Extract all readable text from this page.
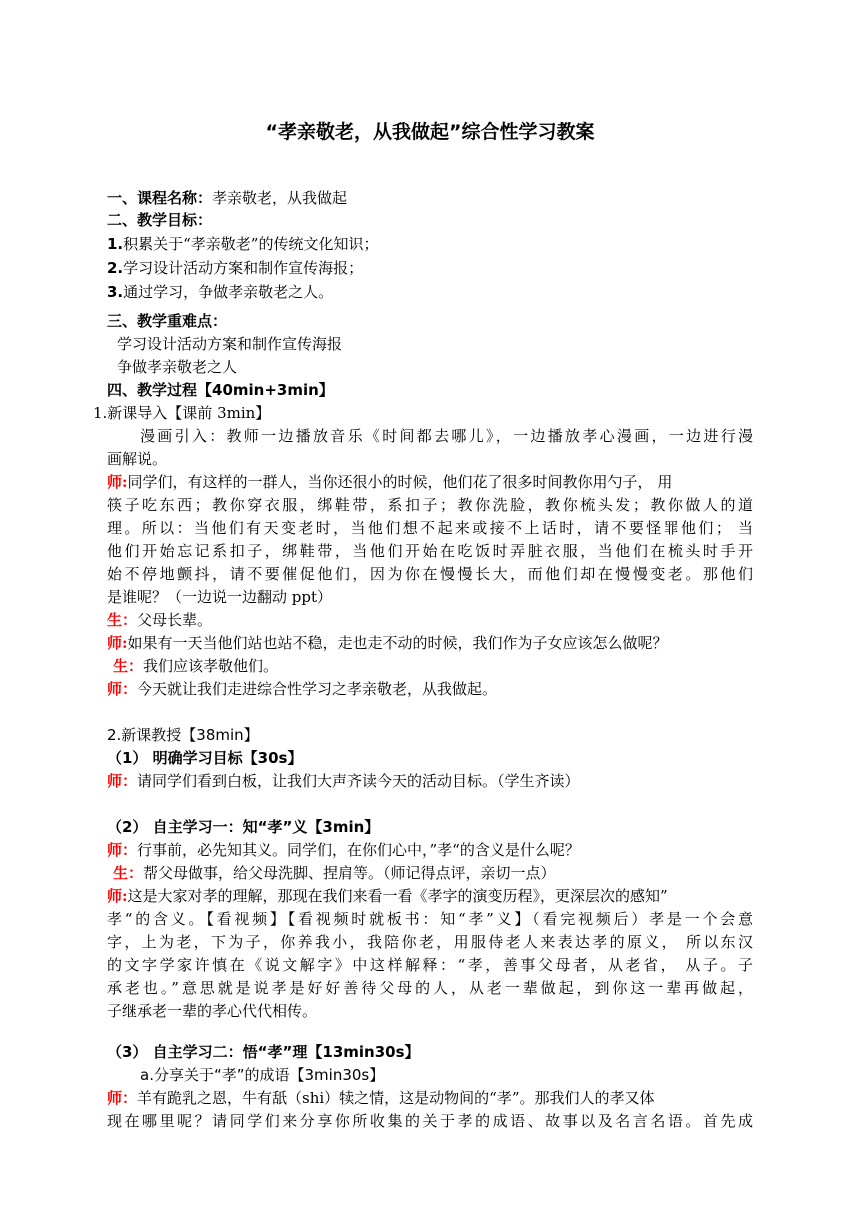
“孝亲敬老，从我做起”综合性学习教案
一、课程名称：孝亲敬老，从我做起
二、教学目标：
1.积累关于“孝亲敬老”的传统文化知识；
2.学习设计活动方案和制作宣传海报；
3.通过学习，争做孝亲敬老之人。
三、教学重难点：
学习设计活动方案和制作宣传海报
争做孝亲敬老之人
四、教学过程【40min+3min】
1.新课导入【课前 3min】
漫画引入：教师一边播放音乐《时间都去哪儿》，一边播放孝心漫画，一边进行漫
画解说。
师:同学们，有这样的一群人，当你还很小的时候，他们花了很多时间教你用勺子， 用
筷子吃东西；教你穿衣服，绑鞋带，系扣子；教你洗脸，教你梳头发；教你做人的道
理。所以：当他们有天变老时，当他们想不起来或接不上话时，请不要怪罪他们； 当
他们开始忘记系扣子，绑鞋带，当他们开始在吃饭时弄脏衣服，当他们在梳头时手开
始不停地颤抖，请不要催促他们，因为你在慢慢长大，而他们却在慢慢变老。那他们
是谁呢？（一边说一边翻动 ppt）
生：父母长辈。
师:如果有一天当他们站也站不稳，走也走不动的时候，我们作为子女应该怎么做呢？
生：我们应该孝敬他们。
师：今天就让我们走进综合性学习之孝亲敬老，从我做起。
2.新课教授【38min】
（1） 明确学习目标【30s】
师：请同学们看到白板，让我们大声齐读今天的活动目标。（学生齐读）
（2） 自主学习一：知“孝”义【3min】
师：行事前，必先知其义。同学们，在你们心中，”孝“的含义是什么呢？
生：帮父母做事，给父母洗脚、捏肩等。（师记得点评，亲切一点）
师:这是大家对孝的理解，那现在我们来看一看《孝字的演变历程》，更深层次的感知”
孝“的含义。【看视频】【看视频时就板书：知“孝”义】（看完视频后）孝是一个会意
字，上为老，下为子，你养我小，我陪你老，用服侍老人来表达孝的原义， 所以东汉
的文字学家许慎在《说文解字》中这样解释：“孝，善事父母者，从老省， 从子。子
承老也。”意思就是说孝是好好善待父母的人，从老一辈做起，到你这一辈再做起，
子继承老一辈的孝心代代相传。
（3） 自主学习二：悟“孝”理【13min30s】
a.分享关于“孝”的成语【3min30s】
师：羊有跪乳之恩，牛有舐（shi）犊之情，这是动物间的“孝”。那我们人的孝又体
现在哪里呢？请同学们来分享你所收集的关于孝的成语、故事以及名言名语。首先成
